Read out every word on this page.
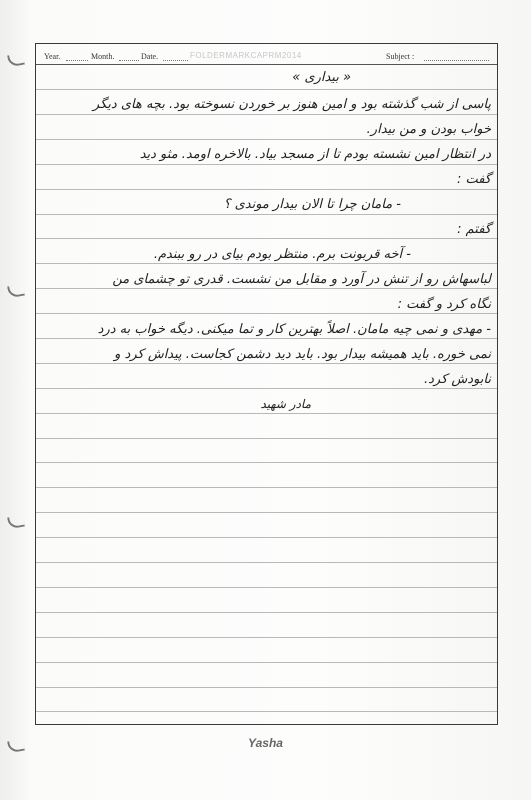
Year.	Month.	Date.	Subject :
FOLDERMARKCAPRM2014
« بیداری »
پاسی از شب گذشته بود و امین هنوز بر خوردن نسوخته بود. بچه های دیگر
خواب بودن و من بیدار.
در انتظار امین نشسته بودم تا از مسجد بیاد. بالاخره اومد. مثو دید
گفت :
- مامان چرا تا الان بیدار موندی ؟
گفتم :
- آخه قربونت برم. منتظر بودم بیای در رو ببندم.
لباسهاش رو از تنش در آورد و مقابل من نشست. قدری تو چشمای من
نگاه کرد و گفت :
- مهدی و نمی چیه مامان. اصلاً بهترین کار و تما میکنی. دیگه خواب به درد
نمی خوره. باید همیشه بیدار بود. باید دید دشمن کجاست. پیداش کرد و
نابودش کرد.
مادر شهید
Yasha
